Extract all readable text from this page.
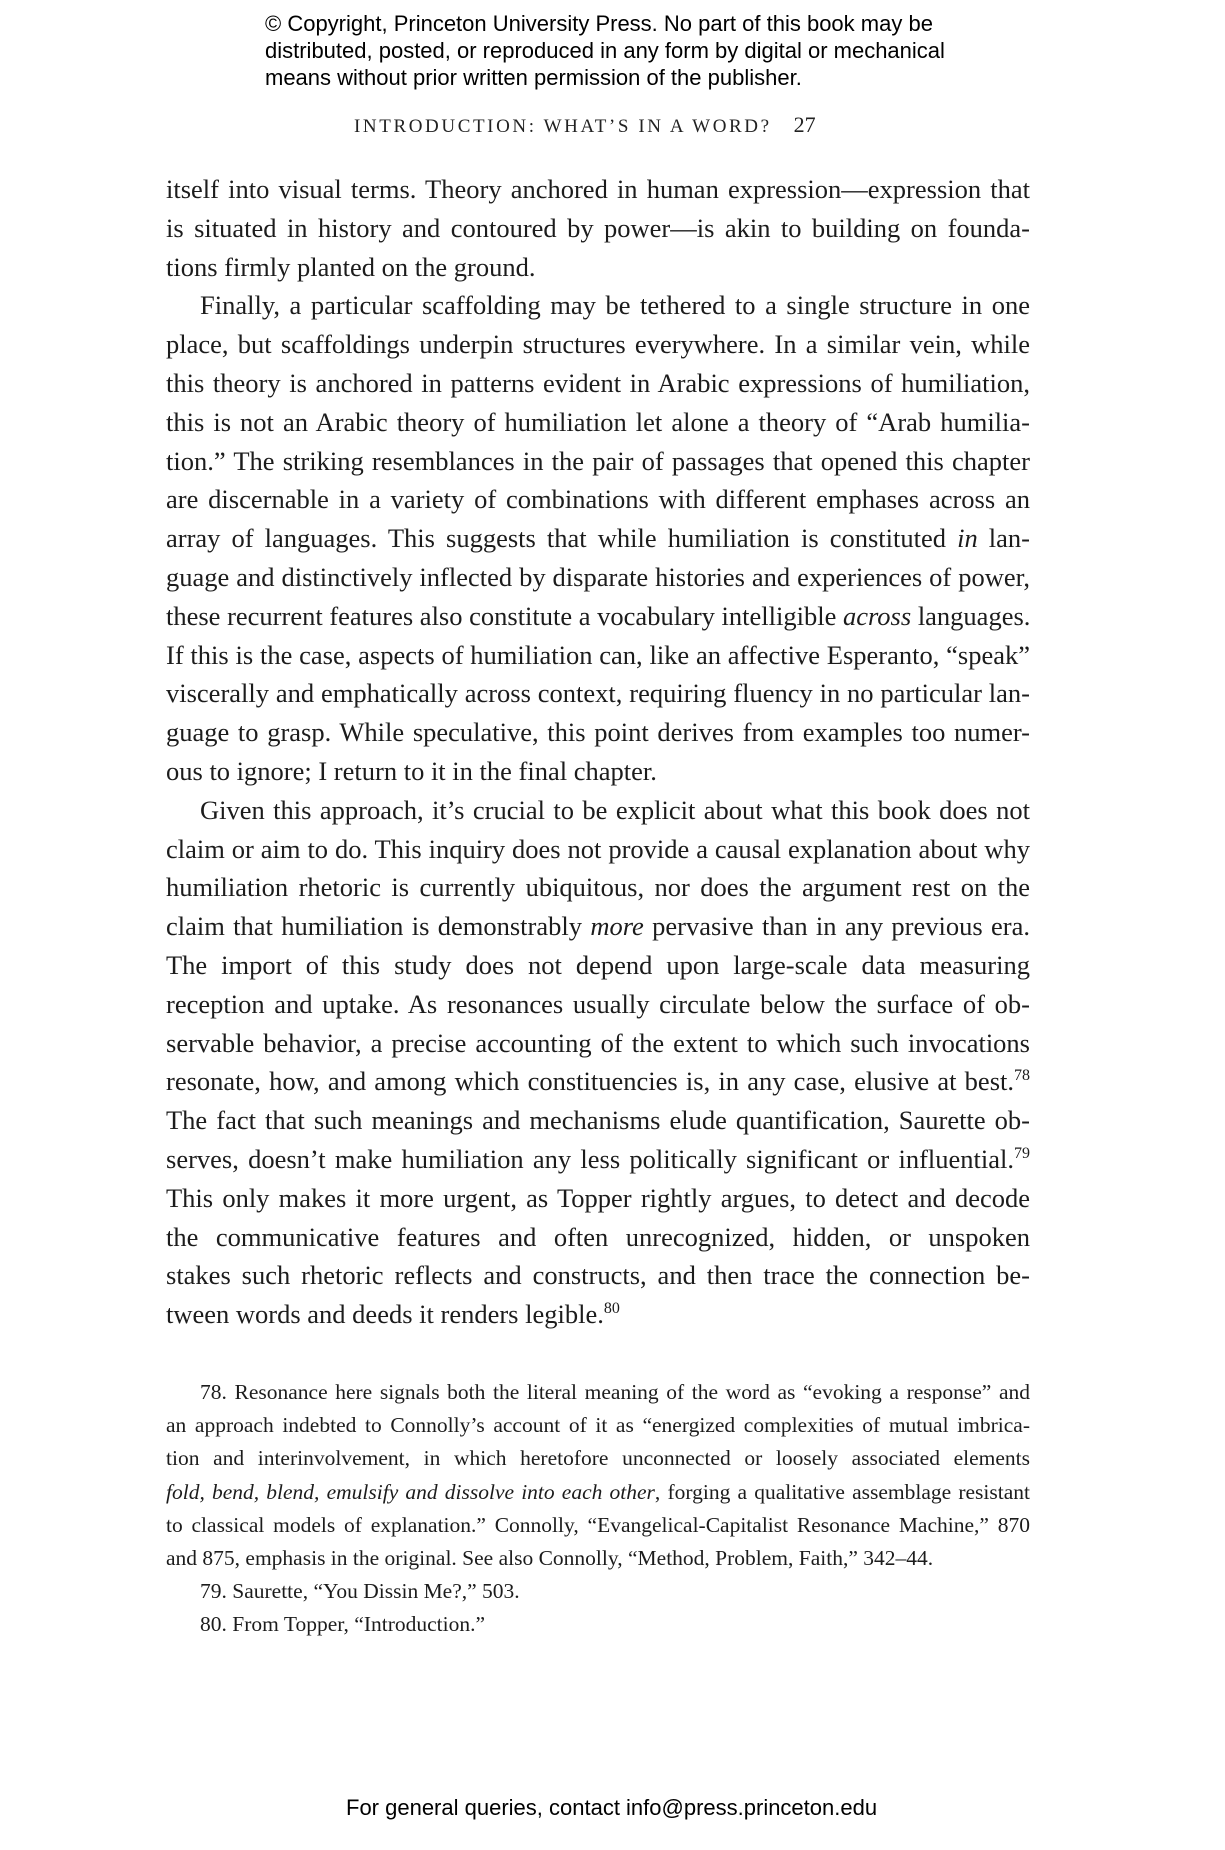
© Copyright, Princeton University Press. No part of this book may be
distributed, posted, or reproduced in any form by digital or mechanical
means without prior written permission of the publisher.
INTRODUCTION: WHAT’S IN A WORD? 27
itself into visual terms. Theory anchored in human expression—expression that
is situated in history and contoured by power—is akin to building on founda-
tions firmly planted on the ground.
Finally, a particular scaffolding may be tethered to a single structure in one
place, but scaffoldings underpin structures everywhere. In a similar vein, while
this theory is anchored in patterns evident in Arabic expressions of humiliation,
this is not an Arabic theory of humiliation let alone a theory of “Arab humilia-
tion.” The striking resemblances in the pair of passages that opened this chapter
are discernable in a variety of combinations with different emphases across an
array of languages. This suggests that while humiliation is constituted in lan-
guage and distinctively inflected by disparate histories and experiences of power,
these recurrent features also constitute a vocabulary intelligible across languages.
If this is the case, aspects of humiliation can, like an affective Esperanto, “speak”
viscerally and emphatically across context, requiring fluency in no particular lan-
guage to grasp. While speculative, this point derives from examples too numer-
ous to ignore; I return to it in the final chapter.
Given this approach, it’s crucial to be explicit about what this book does not
claim or aim to do. This inquiry does not provide a causal explanation about why
humiliation rhetoric is currently ubiquitous, nor does the argument rest on the
claim that humiliation is demonstrably more pervasive than in any previous era.
The import of this study does not depend upon large-scale data measuring
reception and uptake. As resonances usually circulate below the surface of ob-
servable behavior, a precise accounting of the extent to which such invocations
resonate, how, and among which constituencies is, in any case, elusive at best.$^{78}$
The fact that such meanings and mechanisms elude quantification, Saurette ob-
serves, doesn’t make humiliation any less politically significant or influential.$^{79}$
This only makes it more urgent, as Topper rightly argues, to detect and decode
the communicative features and often unrecognized, hidden, or unspoken
stakes such rhetoric reflects and constructs, and then trace the connection be-
tween words and deeds it renders legible.$^{80}$
78. Resonance here signals both the literal meaning of the word as “evoking a response” and
an approach indebted to Connolly’s account of it as “energized complexities of mutual imbrica-
tion and interinvolvement, in which heretofore unconnected or loosely associated elements
fold, bend, blend, emulsify and dissolve into each other, forging a qualitative assemblage resistant
to classical models of explanation.” Connolly, “Evangelical-Capitalist Resonance Machine,” 870
and 875, emphasis in the original. See also Connolly, “Method, Problem, Faith,” 342–44.
79. Saurette, “You Dissin Me?,” 503.
80. From Topper, “Introduction.”
For general queries, contact info@press.princeton.edu
